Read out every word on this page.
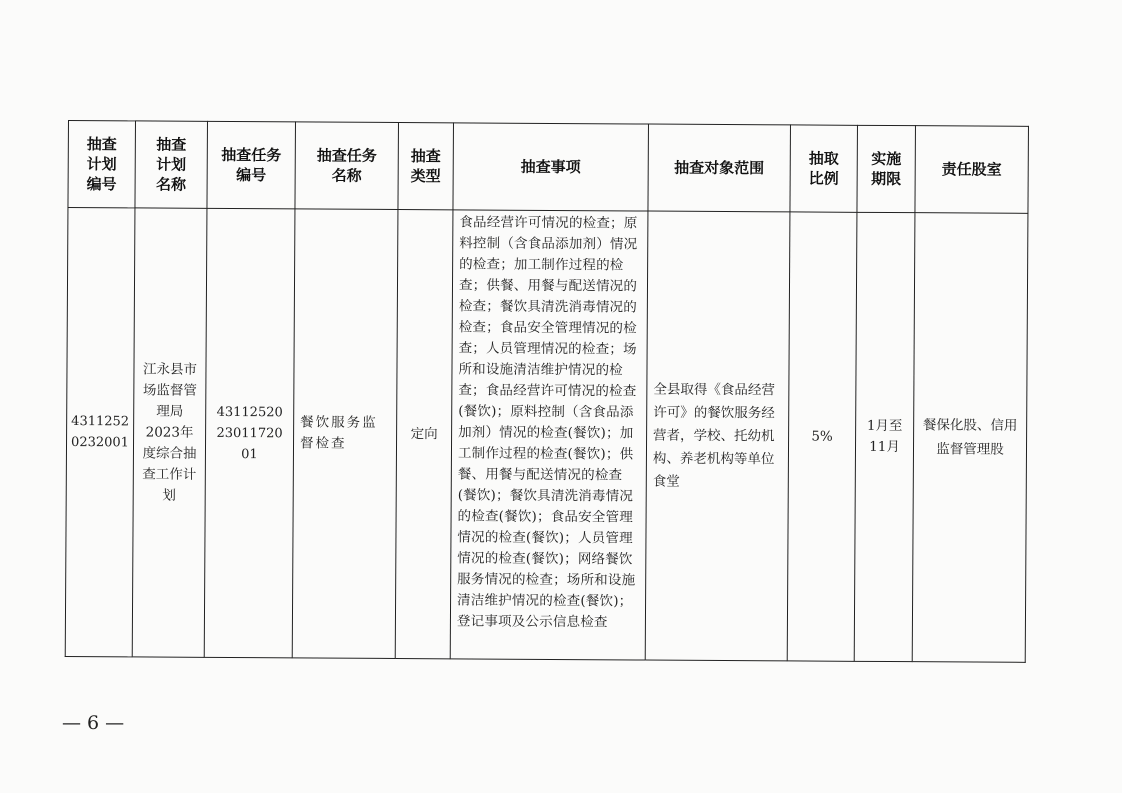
抽查计划编号	抽查计划名称	抽查任务编号	抽查任务名称	抽查类型	抽查事项	抽查对象范围	抽取比例	实施期限	责任股室
43112520232001	江永县市场监督管理局2023年度综合抽查工作计划	431125202301172001	餐饮服务监督检查	定向	食品经营许可情况的检查；原料控制（含食品添加剂）情况的检查；加工制作过程的检查；供餐、用餐与配送情况的检查；餐饮具清洗消毒情况的检查；食品安全管理情况的检查；人员管理情况的检查；场所和设施清洁维护情况的检查；食品经营许可情况的检查(餐饮)；原料控制（含食品添加剂）情况的检查(餐饮)；加工制作过程的检查(餐饮)；供餐、用餐与配送情况的检查(餐饮)；餐饮具清洗消毒情况的检查(餐饮)；食品安全管理情况的检查(餐饮)；人员管理情况的检查(餐饮)；网络餐饮服务情况的检查；场所和设施清洁维护情况的检查(餐饮)；登记事项及公示信息检查	全县取得《食品经营许可》的餐饮服务经营者，学校、托幼机构、养老机构等单位食堂	5%	1月至11月	餐保化股、信用监督管理股
— 6 —
